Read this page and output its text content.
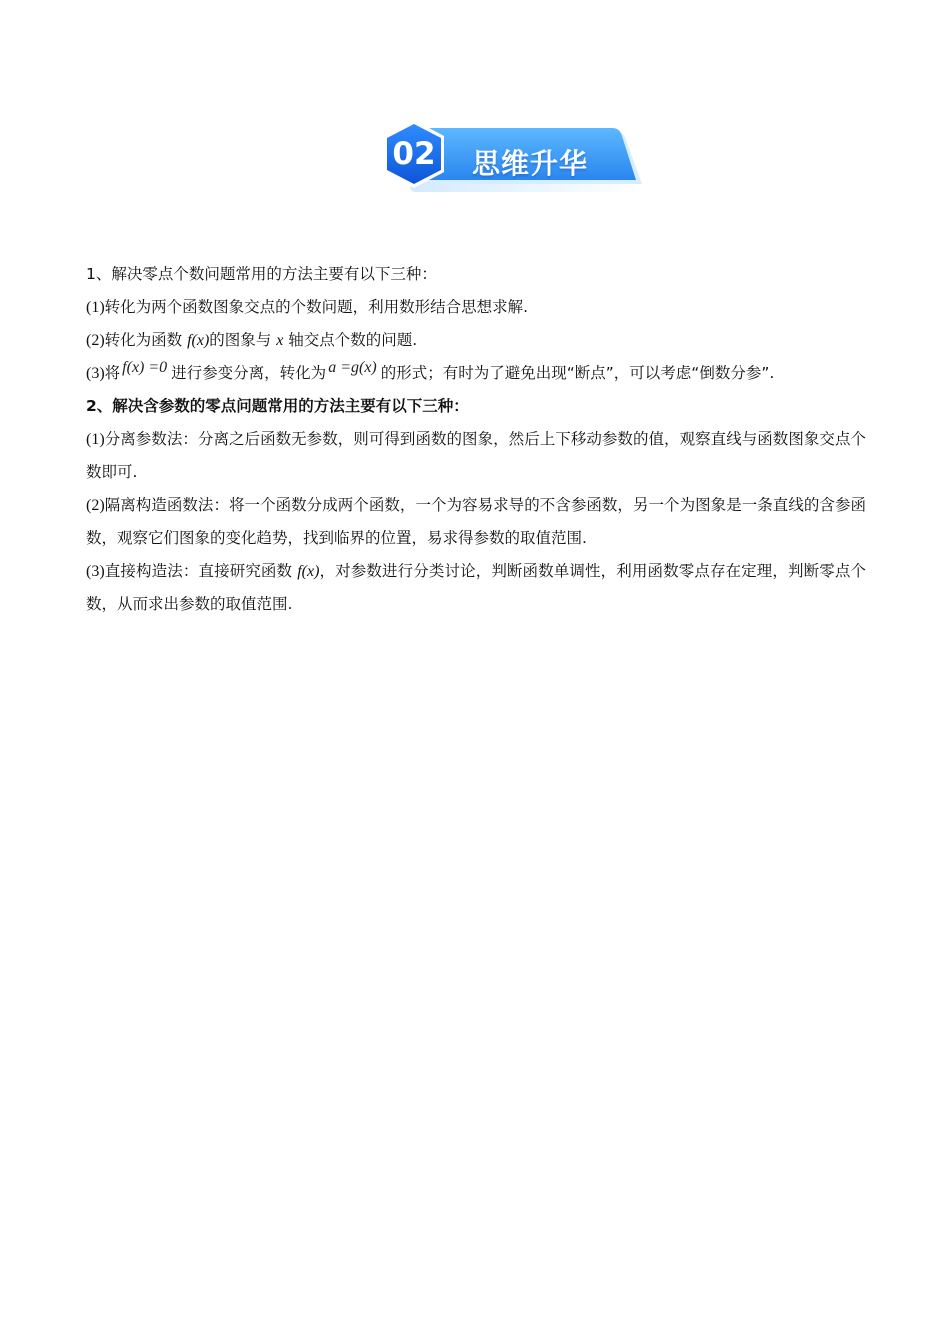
02 思维升华

1、解决零点个数问题常用的方法主要有以下三种：

(1)转化为两个函数图象交点的个数问题，利用数形结合思想求解.

(2)转化为函数 f(x)的图象与 x 轴交点个数的问题.

(3)将 f(x) =0 进行参变分离，转化为 a =g(x) 的形式；有时为了避免出现“断点”，可以考虑“倒数分参”.

2、解决含参数的零点问题常用的方法主要有以下三种：

(1)分离参数法：分离之后函数无参数，则可得到函数的图象，然后上下移动参数的值，观察直线与函数图象交点个数即可.

(2)隔离构造函数法：将一个函数分成两个函数，一个为容易求导的不含参函数，另一个为图象是一条直线的含参函数，观察它们图象的变化趋势，找到临界的位置，易求得参数的取值范围.

(3)直接构造法：直接研究函数 f(x)，对参数进行分类讨论，判断函数单调性，利用函数零点存在定理，判断零点个数，从而求出参数的取值范围.
